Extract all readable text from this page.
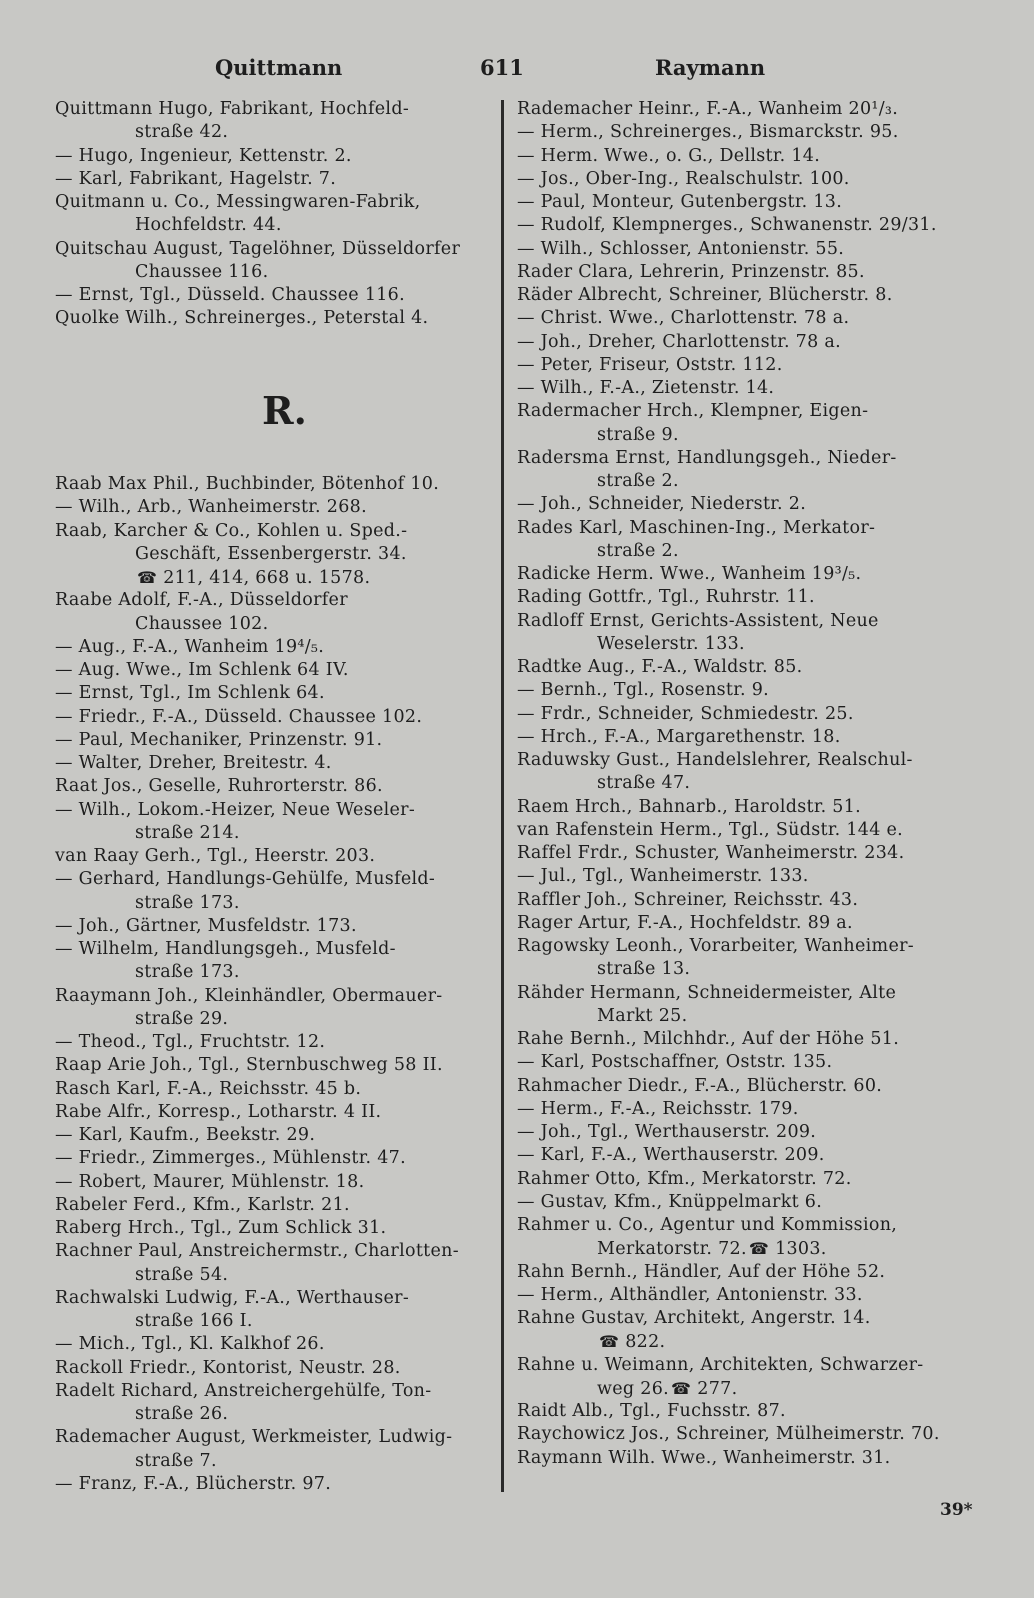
Quittmann	611	Raymann
Quittmann Hugo, Fabrikant, Hochfeld-
straße 42.
— Hugo, Ingenieur, Kettenstr. 2.
— Karl, Fabrikant, Hagelstr. 7.
Quitmann u. Co., Messingwaren-Fabrik,
Hochfeldstr. 44.
Quitschau August, Tagelöhner, Düsseldorfer
Chaussee 116.
— Ernst, Tgl., Düsseld. Chaussee 116.
Quolke Wilh., Schreinerges., Peterstal 4.
R.
Raab Max Phil., Buchbinder, Bötenhof 10.
— Wilh., Arb., Wanheimerstr. 268.
Raab, Karcher & Co., Kohlen u. Sped.-
Geschäft, Essenbergerstr. 34.
☎ 211, 414, 668 u. 1578.
Raabe Adolf, F.-A., Düsseldorfer
Chaussee 102.
— Aug., F.-A., Wanheim 19⁴/₅.
— Aug. Wwe., Im Schlenk 64 IV.
— Ernst, Tgl., Im Schlenk 64.
— Friedr., F.-A., Düsseld. Chaussee 102.
— Paul, Mechaniker, Prinzenstr. 91.
— Walter, Dreher, Breitestr. 4.
Raat Jos., Geselle, Ruhrorterstr. 86.
— Wilh., Lokom.-Heizer, Neue Weseler-
straße 214.
van Raay Gerh., Tgl., Heerstr. 203.
— Gerhard, Handlungs-Gehülfe, Musfeld-
straße 173.
— Joh., Gärtner, Musfeldstr. 173.
— Wilhelm, Handlungsgeh., Musfeld-
straße 173.
Raaymann Joh., Kleinhändler, Obermauer-
straße 29.
— Theod., Tgl., Fruchtstr. 12.
Raap Arie Joh., Tgl., Sternbuschweg 58 II.
Rasch Karl, F.-A., Reichsstr. 45 b.
Rabe Alfr., Korresp., Lotharstr. 4 II.
— Karl, Kaufm., Beekstr. 29.
— Friedr., Zimmerges., Mühlenstr. 47.
— Robert, Maurer, Mühlenstr. 18.
Rabeler Ferd., Kfm., Karlstr. 21.
Raberg Hrch., Tgl., Zum Schlick 31.
Rachner Paul, Anstreichermstr., Charlotten-
straße 54.
Rachwalski Ludwig, F.-A., Werthauser-
straße 166 I.
— Mich., Tgl., Kl. Kalkhof 26.
Rackoll Friedr., Kontorist, Neustr. 28.
Radelt Richard, Anstreichergehülfe, Ton-
straße 26.
Rademacher August, Werkmeister, Ludwig-
straße 7.
— Franz, F.-A., Blücherstr. 97.
Rademacher Heinr., F.-A., Wanheim 20¹/₃.
— Herm., Schreinerges., Bismarckstr. 95.
— Herm. Wwe., o. G., Dellstr. 14.
— Jos., Ober-Ing., Realschulstr. 100.
— Paul, Monteur, Gutenbergstr. 13.
— Rudolf, Klempnerges., Schwanenstr. 29/31.
— Wilh., Schlosser, Antonienstr. 55.
Rader Clara, Lehrerin, Prinzenstr. 85.
Räder Albrecht, Schreiner, Blücherstr. 8.
— Christ. Wwe., Charlottenstr. 78 a.
— Joh., Dreher, Charlottenstr. 78 a.
— Peter, Friseur, Oststr. 112.
— Wilh., F.-A., Zietenstr. 14.
Radermacher Hrch., Klempner, Eigen-
straße 9.
Radersma Ernst, Handlungsgeh., Nieder-
straße 2.
— Joh., Schneider, Niederstr. 2.
Rades Karl, Maschinen-Ing., Merkator-
straße 2.
Radicke Herm. Wwe., Wanheim 19³/₅.
Rading Gottfr., Tgl., Ruhrstr. 11.
Radloff Ernst, Gerichts-Assistent, Neue
Weselerstr. 133.
Radtke Aug., F.-A., Waldstr. 85.
— Bernh., Tgl., Rosenstr. 9.
— Frdr., Schneider, Schmiedestr. 25.
— Hrch., F.-A., Margarethenstr. 18.
Raduwsky Gust., Handelslehrer, Realschul-
straße 47.
Raem Hrch., Bahnarb., Haroldstr. 51.
van Rafenstein Herm., Tgl., Südstr. 144 e.
Raffel Frdr., Schuster, Wanheimerstr. 234.
— Jul., Tgl., Wanheimerstr. 133.
Raffler Joh., Schreiner, Reichsstr. 43.
Rager Artur, F.-A., Hochfeldstr. 89 a.
Ragowsky Leonh., Vorarbeiter, Wanheimer-
straße 13.
Rähder Hermann, Schneidermeister, Alte
Markt 25.
Rahe Bernh., Milchhdr., Auf der Höhe 51.
— Karl, Postschaffner, Oststr. 135.
Rahmacher Diedr., F.-A., Blücherstr. 60.
— Herm., F.-A., Reichsstr. 179.
— Joh., Tgl., Werthauserstr. 209.
— Karl, F.-A., Werthauserstr. 209.
Rahmer Otto, Kfm., Merkatorstr. 72.
— Gustav, Kfm., Knüppelmarkt 6.
Rahmer u. Co., Agentur und Kommission,
Merkatorstr. 72. ☎ 1303.
Rahn Bernh., Händler, Auf der Höhe 52.
— Herm., Althändler, Antonienstr. 33.
Rahne Gustav, Architekt, Angerstr. 14.
☎ 822.
Rahne u. Weimann, Architekten, Schwarzer-
weg 26. ☎ 277.
Raidt Alb., Tgl., Fuchsstr. 87.
Raychowicz Jos., Schreiner, Mülheimerstr. 70.
Raymann Wilh. Wwe., Wanheimerstr. 31.
39*
